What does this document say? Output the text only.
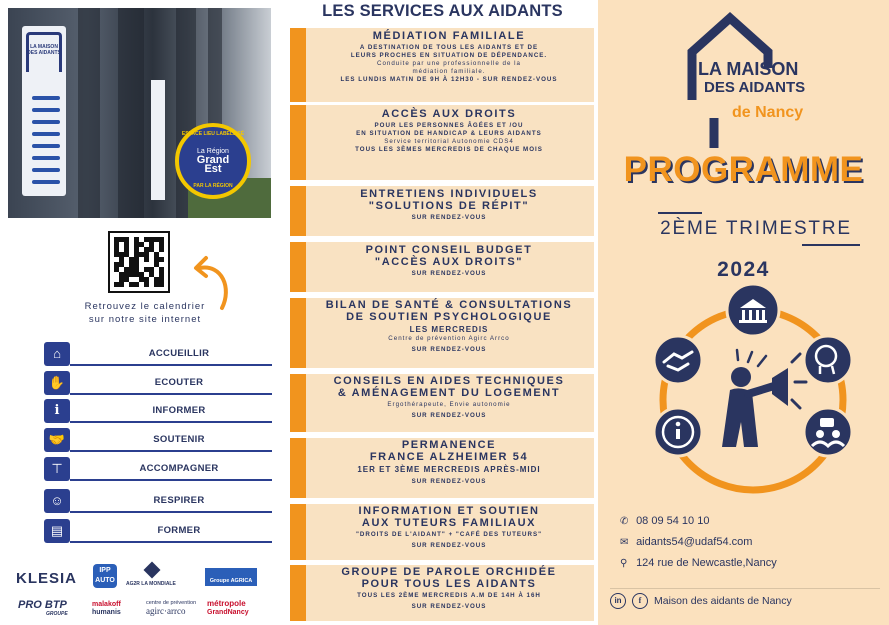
LA MAISON DES AIDANTS
ESPACE LIEU LABELLISÉ
La Région
Grand Est
PAR LA RÉGION
Retrouvez le calendrier
sur notre site internet
⌂	ACCUEILLIR
✋	ECOUTER
i	INFORMER
🤝	SOUTENIR
⊤	ACCOMPAGNER
☺	RESPIRER
▤	FORMER
KLESIA	IPP
AUTO	AG2R LA MONDIALE	Groupe AGRICA
PRO BTP
GROUPE
malakoff
humanis
centre de prévention
agirc·arrco
métropole
GrandNancy
LES SERVICES AUX AIDANTS
MÉDIATION FAMILIALE
A DESTINATION DE TOUS LES AIDANTS ET DE
LEURS PROCHES EN SITUATION DE DÉPENDANCE.
Conduite par une professionnelle de la
médiation familiale.
LES LUNDIS MATIN DE 9H À 12H30 - SUR RENDEZ-VOUS
ACCÈS AUX DROITS
POUR LES PERSONNES ÂGÉES ET /OU
EN SITUATION DE HANDICAP & LEURS AIDANTS
Service territorial Autonomie CDS4
TOUS LES 3ÈMES MERCREDIS DE CHAQUE MOIS
ENTRETIENS INDIVIDUELS
"SOLUTIONS DE RÉPIT"
SUR RENDEZ-VOUS
POINT CONSEIL BUDGET
"ACCÈS AUX DROITS"
SUR RENDEZ-VOUS
BILAN DE SANTÉ & CONSULTATIONS
DE SOUTIEN PSYCHOLOGIQUE
LES MERCREDIS
Centre de prévention Agirc Arrco
SUR RENDEZ-VOUS
CONSEILS EN AIDES TECHNIQUES
& AMÉNAGEMENT DU LOGEMENT
Ergothérapeute, Envie autonomie
SUR RENDEZ-VOUS
PERMANENCE
FRANCE ALZHEIMER 54
1ER ET 3ÈME MERCREDIS APRÈS-MIDI
SUR RENDEZ-VOUS
INFORMATION ET SOUTIEN
AUX TUTEURS FAMILIAUX
"DROITS DE L'AIDANT" + "CAFÉ DES TUTEURS"
SUR RENDEZ-VOUS
GROUPE DE PAROLE ORCHIDÉE
POUR TOUS LES AIDANTS
TOUS LES 2ÈME MERCREDIS A.M DE 14H À 16H
SUR RENDEZ-VOUS
LA MAISON
DES AIDANTS
de Nancy
PROGRAMME
2ÈME TRIMESTRE
2024
✆ 08 09 54 10 10
✉ aidants54@udaf54.com
⚲ 124 rue de Newcastle,Nancy
in	f	Maison des aidants de Nancy
